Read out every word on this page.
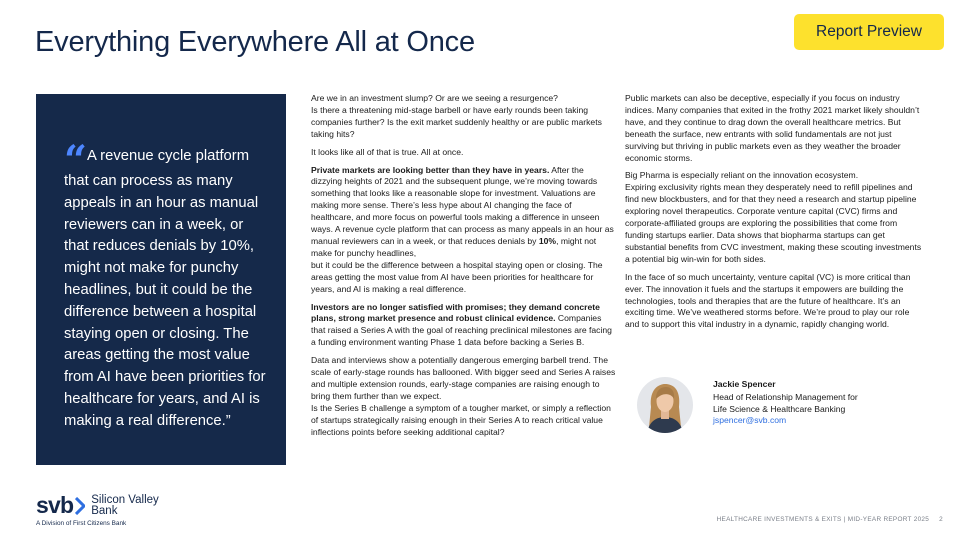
Everything Everywhere All at Once	Report Preview

“ A revenue cycle platform that can process as many appeals in an hour as manual reviewers can in a week, or that reduces denials by 10%, might not make for punchy headlines, but it could be the difference between a hospital staying open or closing. The areas getting the most value from AI have been priorities for healthcare for years, and AI is making a real difference.”

Are we in an investment slump? Or are we seeing a resurgence?
Is there a threatening mid-stage barbell or have early rounds been taking companies further? Is the exit market suddenly healthy or are public markets taking hits?

It looks like all of that is true. All at once.

Private markets are looking better than they have in years. After the dizzying heights of 2021 and the subsequent plunge, we’re moving towards something that looks like a reasonable slope for investment. Valuations are making more sense. There’s less hype about AI changing the face of healthcare, and more focus on powerful tools making a difference in unseen ways. A revenue cycle platform that can process as many appeals in an hour as manual reviewers can in a week, or that reduces denials by 10%, might not make for punchy headlines,
but it could be the difference between a hospital staying open or closing. The areas getting the most value from AI have been priorities for healthcare for years, and AI is making a real difference.

Investors are no longer satisfied with promises; they demand concrete plans, strong market presence and robust clinical evidence. Companies that raised a Series A with the goal of reaching preclinical milestones are facing a funding environment wanting Phase 1 data before backing a Series B.

Data and interviews show a potentially dangerous emerging barbell trend. The scale of early-stage rounds has ballooned. With bigger seed and Series A raises and multiple extension rounds, early-stage companies are raising enough to bring them further than we expect.
Is the Series B challenge a symptom of a tougher market, or simply a reflection of startups strategically raising enough in their Series A to reach critical value inflections points before seeking additional capital?

Public markets can also be deceptive, especially if you focus on industry indices. Many companies that exited in the frothy 2021 market likely shouldn’t have, and they continue to drag down the overall healthcare metrics. But beneath the surface, new entrants with solid fundamentals are not just surviving but thriving in public markets even as they weather the broader economic storms.

Big Pharma is especially reliant on the innovation ecosystem.
Expiring exclusivity rights mean they desperately need to refill pipelines and find new blockbusters, and for that they need a research and startup pipeline exploring novel therapeutics. Corporate venture capital (CVC) firms and corporate-affiliated groups are exploring the possibilities that come from funding startups earlier. Data shows that biopharma startups can get substantial benefits from CVC investment, making these scouting investments a potential big win-win for both sides.

In the face of so much uncertainty, venture capital (VC) is more critical than ever. The innovation it fuels and the startups it empowers are building the technologies, tools and therapies that are the future of healthcare. It’s an exciting time. We’ve weathered storms before. We’re proud to play our role and to support this vital industry in a dynamic, rapidly changing world.

Jackie Spencer
Head of Relationship Management for
Life Science & Healthcare Banking
jspencer@svb.com
svb Silicon Valley
Bank
A Division of First Citizens Bank
HEALTHCARE INVESTMENTS & EXITS | MID-YEAR REPORT 2025 2
